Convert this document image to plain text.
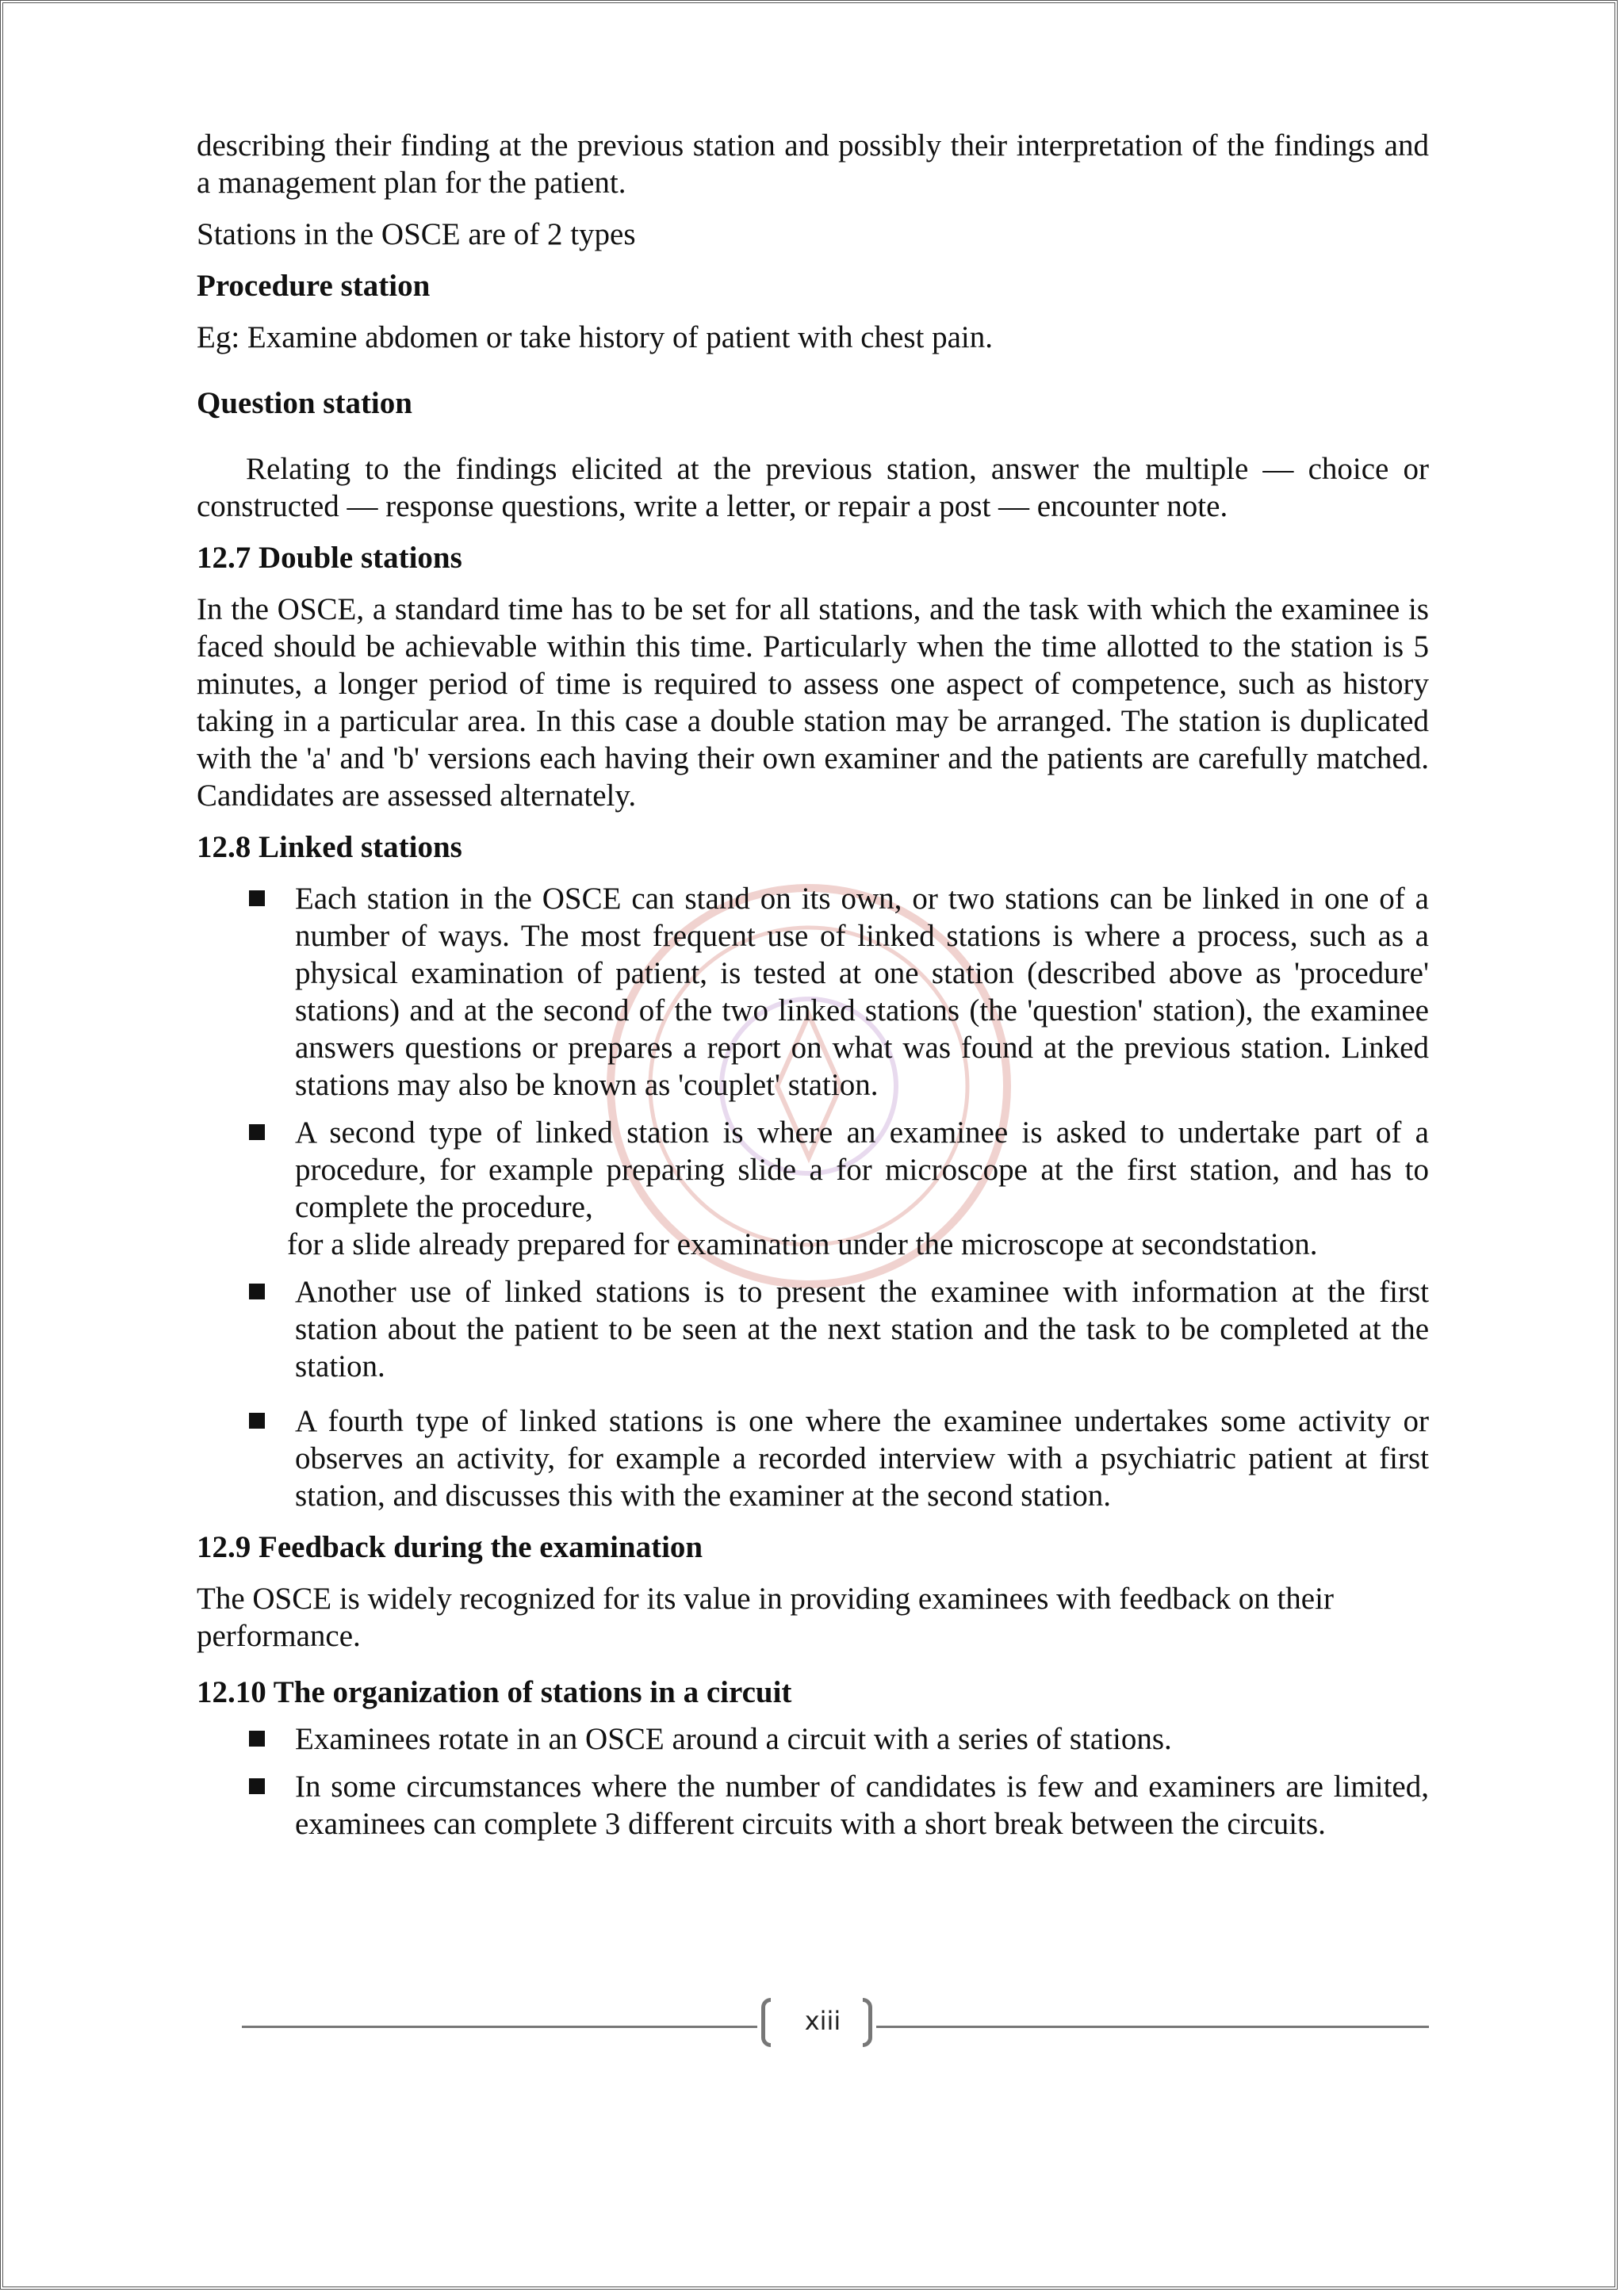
describing their finding at the previous station and possibly their interpretation of the findings and a management plan for the patient.

Stations in the OSCE are of 2 types

Procedure station

Eg: Examine abdomen or take history of patient with chest pain.

Question station

Relating to the findings elicited at the previous station, answer the multiple — choice or constructed — response questions, write a letter, or repair a post — encounter note.

12.7 Double stations

In the OSCE, a standard time has to be set for all stations, and the task with which the examinee is faced should be achievable within this time. Particularly when the time allotted to the station is 5 minutes, a longer period of time is required to assess one aspect of competence, such as history taking in a particular area. In this case a double station may be arranged. The station is duplicated with the 'a' and 'b' versions each having their own examiner and the patients are carefully matched. Candidates are assessed alternately.

12.8 Linked stations

Each station in the OSCE can stand on its own, or two stations can be linked in one of a number of ways. The most frequent use of linked stations is where a process, such as a physical examination of patient, is tested at one station (described above as 'procedure' stations) and at the second of the two linked stations (the 'question' station), the examinee answers questions or prepares a report on what was found at the previous station. Linked stations may also be known as 'couplet' station.
A second type of linked station is where an examinee is asked to undertake part of a procedure, for example preparing slide a for microscope at the first station, and has to complete the procedure,

for a slide already prepared for examination under the microscope at secondstation.

Another use of linked stations is to present the examinee with information at the first station about the patient to be seen at the next station and the task to be completed at the station.
A fourth type of linked stations is one where the examinee undertakes some activity or observes an activity, for example a recorded interview with a psychiatric patient at first station, and discusses this with the examiner at the second station.

12.9 Feedback during the examination

The OSCE is widely recognized for its value in providing examinees with feedback on their performance.

12.10 The organization of stations in a circuit

Examinees rotate in an OSCE around a circuit with a series of stations.
In some circumstances where the number of candidates is few and examiners are limited, examinees can complete 3 different circuits with a short break between the circuits.
xiii
